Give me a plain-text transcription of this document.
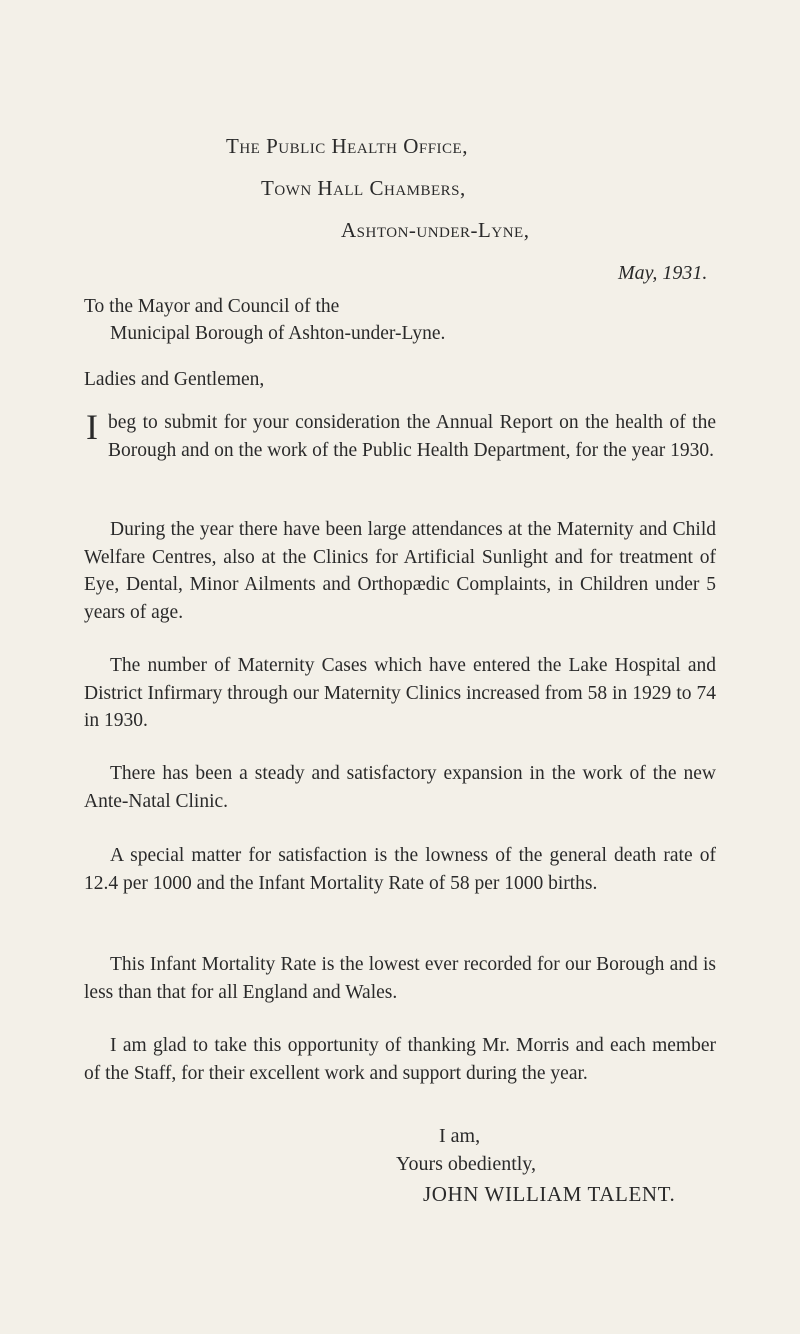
The Public Health Office,
Town Hall Chambers,
Ashton-under-Lyne,
May, 1931.
To the Mayor and Council of the
Municipal Borough of Ashton-under-Lyne.
Ladies and Gentlemen,
Ibeg to submit for your consideration the Annual Report on the health of the Borough and on the work of the Public Health Department, for the year 1930.
During the year there have been large attendances at the Maternity and Child Welfare Centres, also at the Clinics for Artificial Sunlight and for treatment of Eye, Dental, Minor Ailments and Orthopædic Complaints, in Children under 5 years of age.
The number of Maternity Cases which have entered the Lake Hospital and District Infirmary through our Maternity Clinics increased from 58 in 1929 to 74 in 1930.
There has been a steady and satisfactory expansion in the work of the new Ante-Natal Clinic.
A special matter for satisfaction is the lowness of the general death rate of 12.4 per 1000 and the Infant Mortality Rate of 58 per 1000 births.
This Infant Mortality Rate is the lowest ever recorded for our Borough and is less than that for all England and Wales.
I am glad to take this opportunity of thanking Mr. Morris and each member of the Staff, for their excellent work and support during the year.
I am,
Yours obediently,
JOHN WILLIAM TALENT.
